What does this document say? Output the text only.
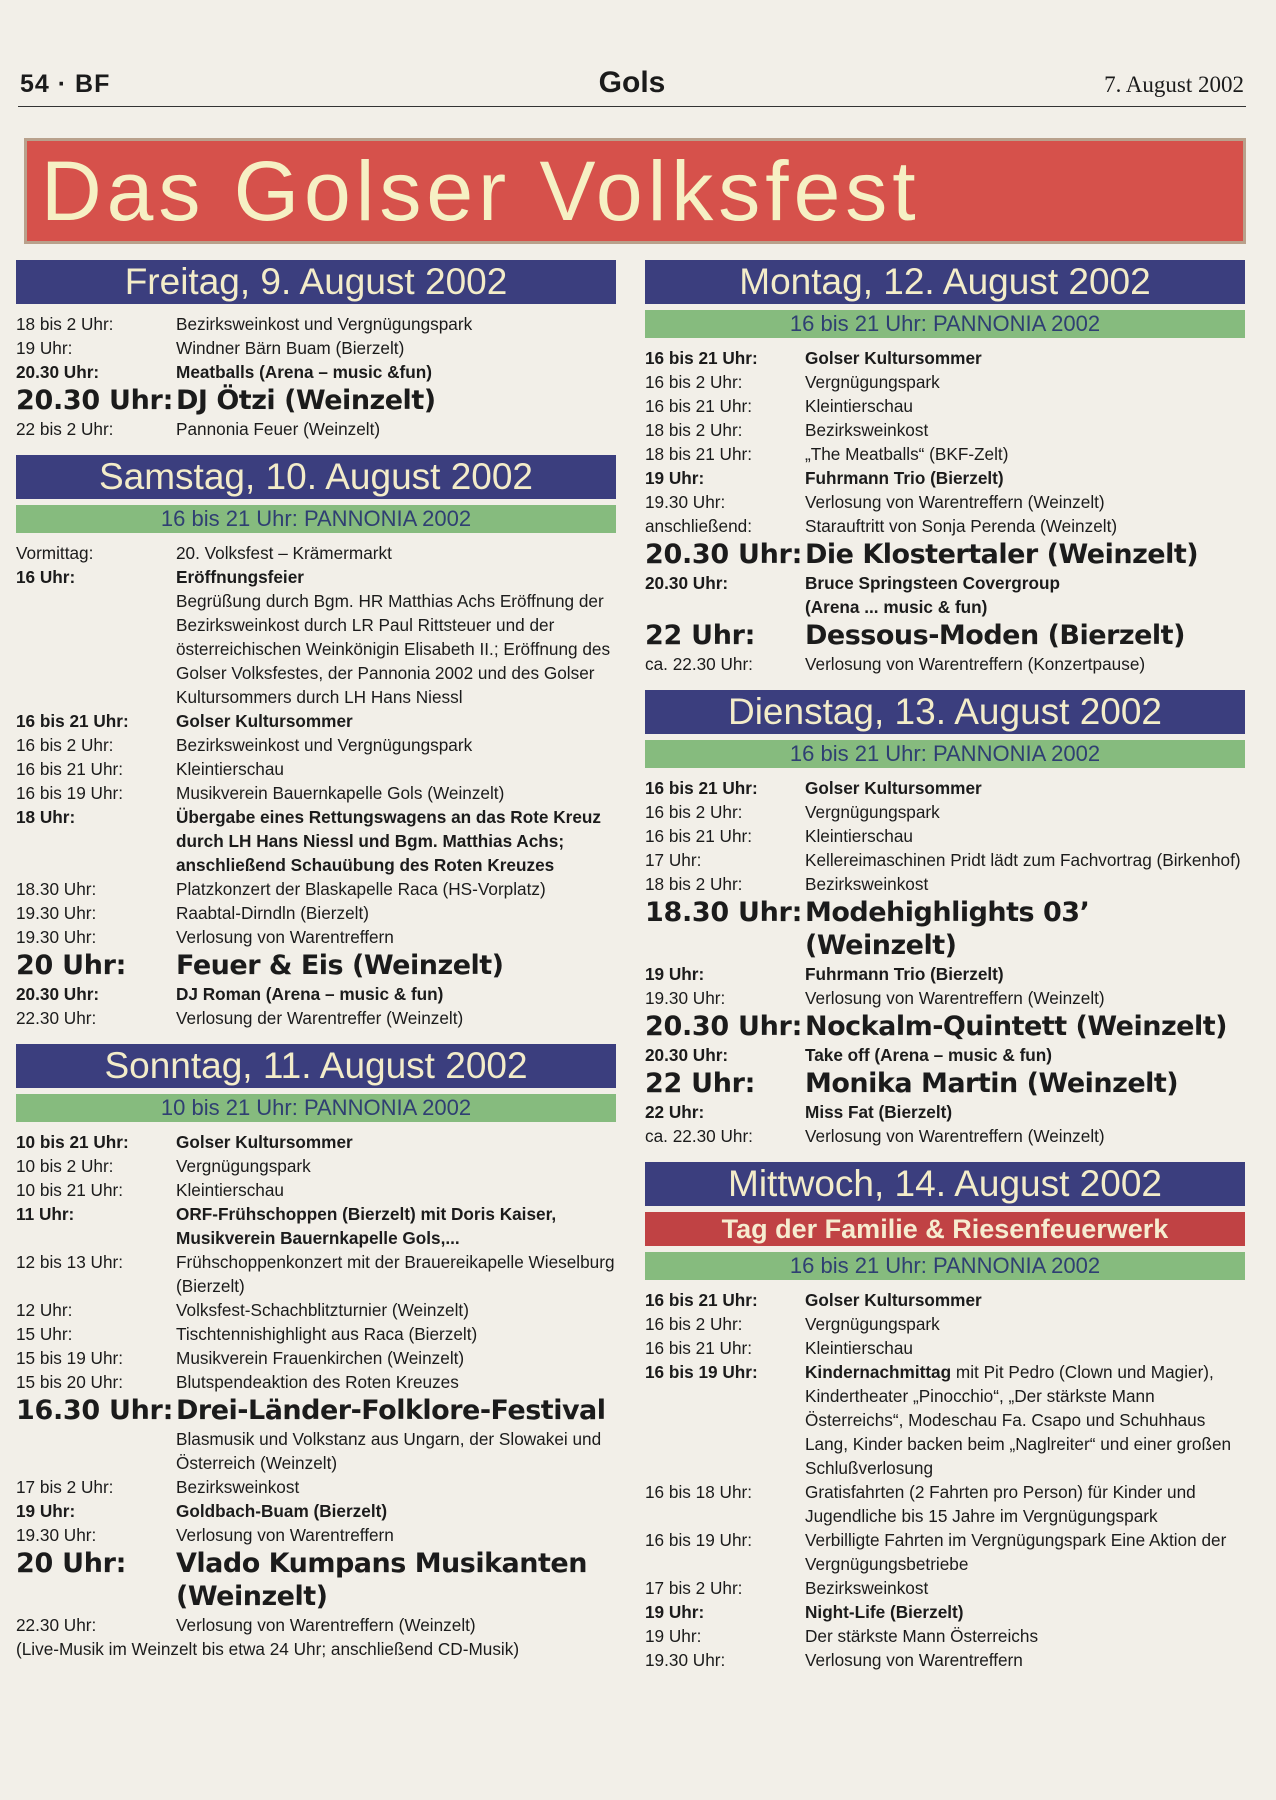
54 · BF	Gols	7. August 2002
Das Golser Volksfest
Freitag, 9. August 2002
18 bis 2 Uhr:	Bezirksweinkost und Vergnügungspark
19 Uhr:	Windner Bärn Buam (Bierzelt)
20.30 Uhr:	Meatballs (Arena – music &fun)
20.30 Uhr: DJ Ötzi (Weinzelt)
22 bis 2 Uhr:	Pannonia Feuer (Weinzelt)
Samstag, 10. August 2002
16 bis 21 Uhr: PANNONIA 2002
Vormittag:	20. Volksfest – Krämermarkt
16 Uhr:	Eröffnungsfeier
Begrüßung durch Bgm. HR Matthias Achs Eröffnung der Bezirksweinkost durch LR Paul Rittsteuer und der österreichischen Weinkönigin Elisabeth II.; Eröffnung des Golser Volksfestes, der Pannonia 2002 und des Golser Kultursommers durch LH Hans Niessl
16 bis 21 Uhr:	Golser Kultursommer
16 bis 2 Uhr:	Bezirksweinkost und Vergnügungspark
16 bis 21 Uhr:	Kleintierschau
16 bis 19 Uhr:	Musikverein Bauernkapelle Gols (Weinzelt)
18 Uhr:	Übergabe eines Rettungswagens an das Rote Kreuz durch LH Hans Niessl und Bgm. Matthias Achs; anschließend Schauübung des Roten Kreuzes
18.30 Uhr:	Platzkonzert der Blaskapelle Raca (HS-Vorplatz)
19.30 Uhr:	Raabtal-Dirndln (Bierzelt)
19.30 Uhr:	Verlosung von Warentreffern
20 Uhr:	Feuer & Eis (Weinzelt)
20.30 Uhr:	DJ Roman (Arena – music & fun)
22.30 Uhr:	Verlosung der Warentreffer (Weinzelt)
Sonntag, 11. August 2002
10 bis 21 Uhr: PANNONIA 2002
10 bis 21 Uhr:	Golser Kultursommer
10 bis 2 Uhr:	Vergnügungspark
10 bis 21 Uhr:	Kleintierschau
11 Uhr:	ORF-Frühschoppen (Bierzelt) mit Doris Kaiser, Musikverein Bauernkapelle Gols,...
12 bis 13 Uhr:	Frühschoppenkonzert mit der Brauereikapelle Wieselburg (Bierzelt)
12 Uhr:	Volksfest-Schachblitzturnier (Weinzelt)
15 Uhr:	Tischtennishighlight aus Raca (Bierzelt)
15 bis 19 Uhr:	Musikverein Frauenkirchen (Weinzelt)
15 bis 20 Uhr:	Blutspendeaktion des Roten Kreuzes
16.30 Uhr: Drei-Länder-Folklore-Festival
Blasmusik und Volkstanz aus Ungarn, der Slowakei und Österreich (Weinzelt)
17 bis 2 Uhr:	Bezirksweinkost
19 Uhr:	Goldbach-Buam (Bierzelt)
19.30 Uhr:	Verlosung von Warentreffern
20 Uhr:	Vlado Kumpans Musikanten (Weinzelt)
22.30 Uhr:	Verlosung von Warentreffern (Weinzelt)
(Live-Musik im Weinzelt bis etwa 24 Uhr; anschließend CD-Musik)
Montag, 12. August 2002
16 bis 21 Uhr: PANNONIA 2002
16 bis 21 Uhr:	Golser Kultursommer
16 bis 2 Uhr:	Vergnügungspark
16 bis 21 Uhr:	Kleintierschau
18 bis 2 Uhr:	Bezirksweinkost
18 bis 21 Uhr:	„The Meatballs“ (BKF-Zelt)
19 Uhr:	Fuhrmann Trio (Bierzelt)
19.30 Uhr:	Verlosung von Warentreffern (Weinzelt)
anschließend:	Starauftritt von Sonja Perenda (Weinzelt)
20.30 Uhr: Die Klostertaler (Weinzelt)
20.30 Uhr:	Bruce Springsteen Covergroup
(Arena ... music & fun)
22 Uhr:	Dessous-Moden (Bierzelt)
ca. 22.30 Uhr:	Verlosung von Warentreffern (Konzertpause)
Dienstag, 13. August 2002
16 bis 21 Uhr: PANNONIA 2002
16 bis 21 Uhr:	Golser Kultursommer
16 bis 2 Uhr:	Vergnügungspark
16 bis 21 Uhr:	Kleintierschau
17 Uhr:	Kellereimaschinen Pridt lädt zum Fachvortrag (Birkenhof)
18 bis 2 Uhr:	Bezirksweinkost
18.30 Uhr: Modehighlights 03’ (Weinzelt)
19 Uhr:	Fuhrmann Trio (Bierzelt)
19.30 Uhr:	Verlosung von Warentreffern (Weinzelt)
20.30 Uhr: Nockalm-Quintett (Weinzelt)
20.30 Uhr:	Take off (Arena – music & fun)
22 Uhr:	Monika Martin (Weinzelt)
22 Uhr:	Miss Fat (Bierzelt)
ca. 22.30 Uhr:	Verlosung von Warentreffern (Weinzelt)
Mittwoch, 14. August 2002
Tag der Familie & Riesenfeuerwerk
16 bis 21 Uhr: PANNONIA 2002
16 bis 21 Uhr:	Golser Kultursommer
16 bis 2 Uhr:	Vergnügungspark
16 bis 21 Uhr:	Kleintierschau
16 bis 19 Uhr:	Kindernachmittag mit Pit Pedro (Clown und Magier), Kindertheater „Pinocchio“, „Der stärkste Mann Österreichs“, Modeschau Fa. Csapo und Schuhhaus Lang, Kinder backen beim „Naglreiter“ und einer großen Schlußverlosung
16 bis 18 Uhr:	Gratisfahrten (2 Fahrten pro Person) für Kinder und Jugendliche bis 15 Jahre im Vergnügungspark
16 bis 19 Uhr:	Verbilligte Fahrten im Vergnügungspark Eine Aktion der Vergnügungsbetriebe
17 bis 2 Uhr:	Bezirksweinkost
19 Uhr:	Night-Life (Bierzelt)
19 Uhr:	Der stärkste Mann Österreichs
19.30 Uhr:	Verlosung von Warentreffern
